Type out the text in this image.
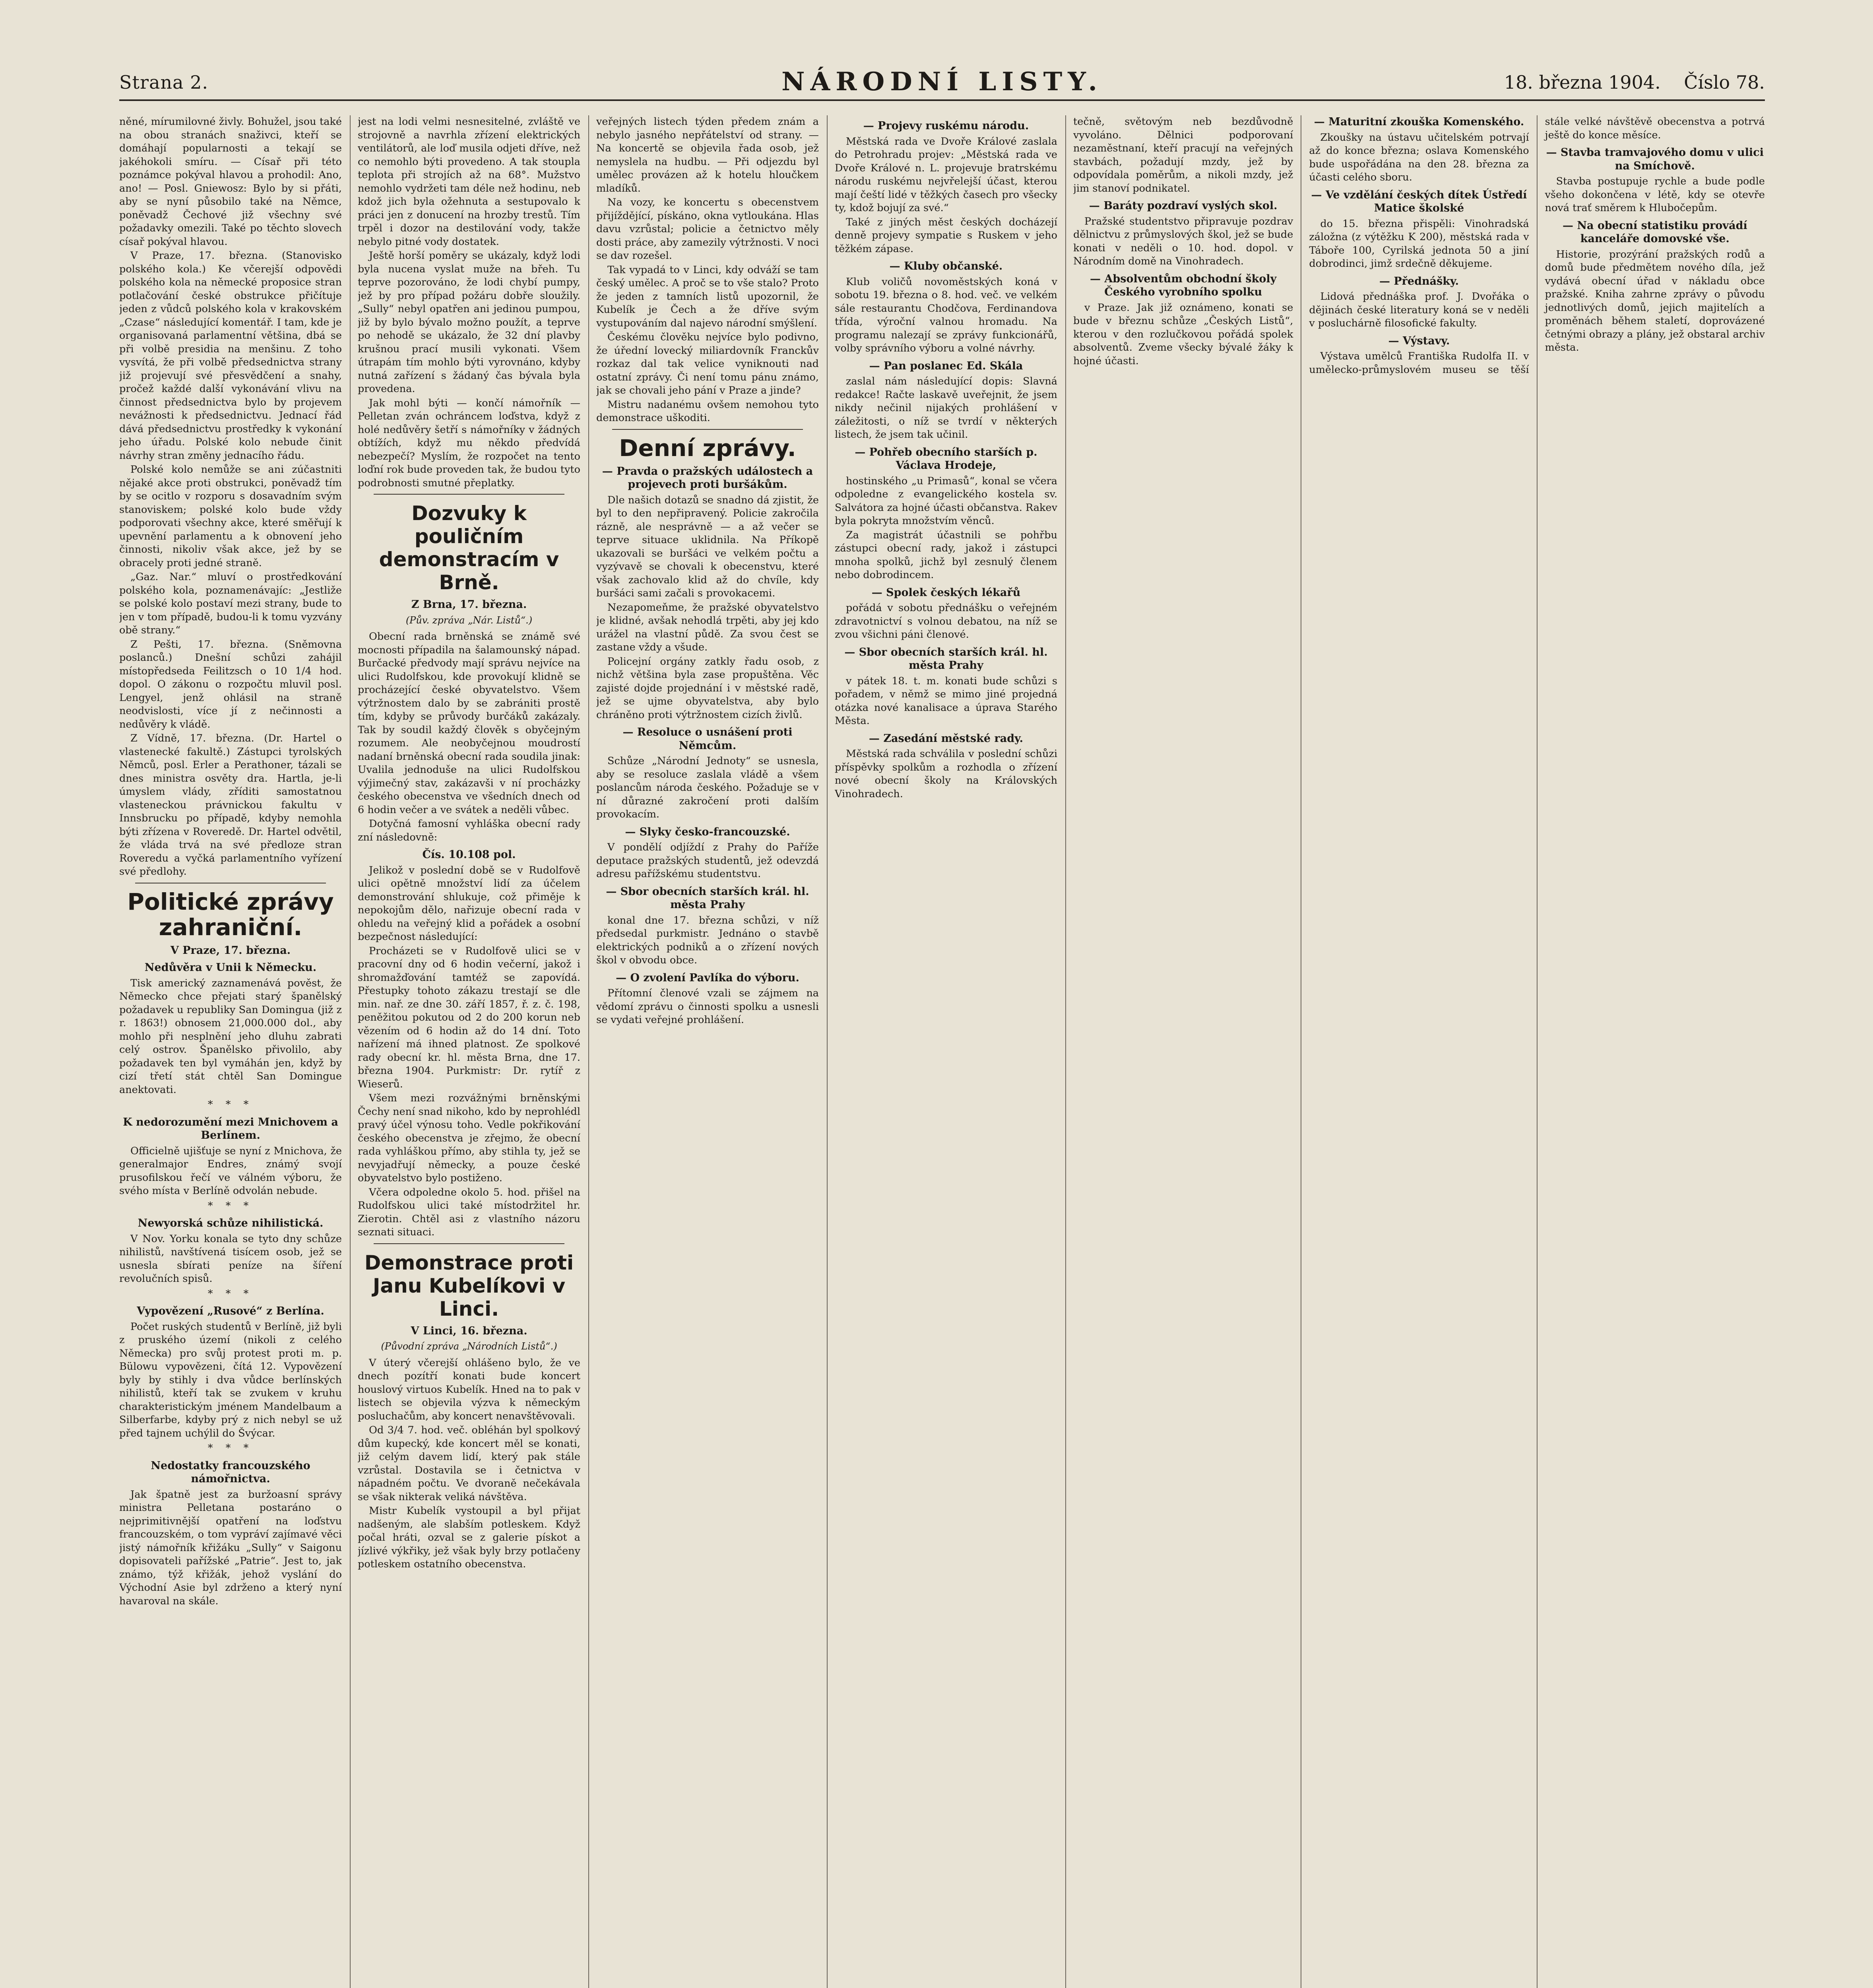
Strana 2.	NÁRODNÍ LISTY.	18. března 1904. Číslo 78.

něné, mírumilovné živly. Bohužel, jsou také na obou stranách snaživci, kteří se domáhají popularnosti a tekají se jakéhokoli smíru. — Císař při této poznámce pokýval hlavou a prohodil: Ano, ano! — Posl. Gniewosz: Bylo by si přáti, aby se nyní působilo také na Němce, poněvadž Čechové již všechny své požadavky omezili. Také po těchto slovech císař pokýval hlavou.

V Praze, 17. března. (Stanovisko polského kola.) Ke včerejší odpovědi polského kola na německé proposice stran potlačování české obstrukce přičítuje jeden z vůdců polského kola v krakovském „Czase“ následující komentář. I tam, kde je organisovaná parlamentní většina, dbá se při volbě presidia na menšinu. Z toho vysvítá, že při volbě předsednictva strany již projevují své přesvědčení a snahy, pročež každé další vykonávání vlivu na činnost předsednictva bylo by projevem nevážnosti k předsednictvu. Jednací řád dává předsednictvu prostředky k vykonání jeho úřadu. Polské kolo nebude činit návrhy stran změny jednacího řádu.

Polské kolo nemůže se ani zúčastniti nějaké akce proti obstrukci, poněvadž tím by se ocitlo v rozporu s dosavadním svým stanoviskem; polské kolo bude vždy podporovati všechny akce, které směřují k upevnění parlamentu a k obnovení jeho činnosti, nikoliv však akce, jež by se obracely proti jedné straně.

„Gaz. Nar.“ mluví o prostředkování polského kola, poznamenávajíc: „Jestliže se polské kolo postaví mezi strany, bude to jen v tom případě, budou-li k tomu vyzvány obě strany.“

Z Pešti, 17. března. (Sněmovna poslanců.) Dnešní schůzi zahájil místopředseda Feilitzsch o 10 1/4 hod. dopol. O zákonu o rozpočtu mluvil posl. Lengyel, jenž ohlásil na straně neodvislosti, více jí z nečinnosti a nedůvěry k vládě.

Z Vídně, 17. března. (Dr. Hartel o vlastenecké fakultě.) Zástupci tyrolských Němců, posl. Erler a Perathoner, tázali se dnes ministra osvěty dra. Hartla, je-li úmyslem vlády, zříditi samostatnou vlasteneckou právnickou fakultu v Innsbrucku po případě, kdyby nemohla býti zřízena v Roveredě. Dr. Hartel odvětil, že vláda trvá na své předloze stran Roveredu a vyčká parlamentního vyřízení své předlohy.

Politické zprávy zahraniční.
V Praze, 17. března.
Nedůvěra v Unii k Německu.

Tisk americký zaznamenává pověst, že Německo chce přejati starý španělský požadavek u republiky San Domingua (již z r. 1863!) obnosem 21,000.000 dol., aby mohlo při nesplnění jeho dluhu zabrati celý ostrov. Španělsko přivolilo, aby požadavek ten byl vymáhán jen, když by cizí třetí stát chtěl San Domingue anektovati.

* * *
K nedorozumění mezi Mnichovem a Berlínem.

Officielně ujišťuje se nyní z Mnichova, že generalmajor Endres, známý svojí prusofilskou řečí ve válném výboru, že svého místa v Berlíně odvolán nebude.

* * *
Newyorská schůze nihilistická.

V Nov. Yorku konala se tyto dny schůze nihilistů, navštívená tisícem osob, jež se usnesla sbírati peníze na šíření revolučních spisů.

* * *
Vypovězení „Rusové“ z Berlína.

Počet ruských studentů v Berlíně, již byli z pruského území (nikoli z celého Německa) pro svůj protest proti m. p. Bülowu vypovězeni, čítá 12. Vypovězení byly by stihly i dva vůdce berlínských nihilistů, kteří tak se zvukem v kruhu charakteristickým jménem Mandelbaum a Silberfarbe, kdyby prý z nich nebyl se už před tajnem uchýlil do Švýcar.

* * *
Nedostatky francouzského námořnictva.

Jak špatně jest za buržoasní správy ministra Pelletana postaráno o nejprimitivnější opatření na loďstvu francouzském, o tom vypráví zajímavé věci jistý námořník křižáku „Sully“ v Saigonu dopisovateli pařížské „Patrie“. Jest to, jak známo, týž křižák, jehož vyslání do Východní Asie byl zdrženo a který nyní havaroval na skále.

jest na lodi velmi nesnesitelné, zvláště ve strojovně a navrhla zřízení elektrických ventilátorů, ale loď musila odjeti dříve, než co nemohlo býti provedeno. A tak stoupla teplota při strojích až na 68°. Mužstvo nemohlo vydržeti tam déle než hodinu, neb kdož jich byla ožehnuta a sestupovalo k práci jen z donucení na hrozby trestů. Tím trpěl i dozor na destilování vody, takže nebylo pitné vody dostatek.

Ještě horší poměry se ukázaly, když lodi byla nucena vyslat muže na břeh. Tu teprve pozorováno, že lodi chybí pumpy, jež by pro případ požáru dobře sloužily. „Sully“ nebyl opatřen ani jedinou pumpou, již by bylo bývalo možno použít, a teprve po nehodě se ukázalo, že 32 dní plavby krušnou prací musili vykonati. Všem útrapám tím mohlo býti vyrovnáno, kdyby nutná zařízení s žádaný čas bývala byla provedena.

Jak mohl býti — končí námořník — Pelletan zván ochráncem loďstva, když z holé nedůvěry šetří s námořníky v žádných obtížích, když mu někdo předvídá nebezpečí? Myslím, že rozpočet na tento loďní rok bude proveden tak, že budou tyto podrobnosti smutné přeplatky.

Dozvuky k pouličním demonstracím v Brně.
Z Brna, 17. března.
(Pův. zpráva „Nár. Listů“.)

Obecní rada brněnská se známě své mocnosti případila na šalamounský nápad. Burčacké předvody mají správu nejvíce na ulici Rudolfskou, kde provokují klidně se procházející české obyvatelstvo. Všem výtržnostem dalo by se zabrániti prostě tím, kdyby se průvody burčáků zakázaly. Tak by soudil každý člověk s obyčejným rozumem. Ale neobyčejnou moudrostí nadaní brněnská obecní rada soudila jinak: Uvalila jednoduše na ulici Rudolfskou výjimečný stav, zakázavši v ní procházky českého obecenstva ve všedních dnech od 6 hodin večer a ve svátek a neděli vůbec.

Dotyčná famosní vyhláška obecní rady zní následovně:

Čís. 10.108 pol.

Jelikož v poslední době se v Rudolfově ulici opětně množství lidí za účelem demonstrování shlukuje, což přiměje k nepokojům dělo, nařizuje obecní rada v ohledu na veřejný klid a pořádek a osobní bezpečnost následující:

Procházeti se v Rudolfově ulici se v pracovní dny od 6 hodin večerní, jakož i shromažďování tamtéž se zapovídá. Přestupky tohoto zákazu trestají se dle min. nař. ze dne 30. září 1857, ř. z. č. 198, peněžitou pokutou od 2 do 200 korun neb vězením od 6 hodin až do 14 dní. Toto nařízení má ihned platnost. Ze spolkové rady obecní kr. hl. města Brna, dne 17. března 1904. Purkmistr: Dr. rytíř z Wieserů.

Všem mezi rozvážnými brněnskými Čechy není snad nikoho, kdo by neprohlédl pravý účel výnosu toho. Vedle pokřikování českého obecenstva je zřejmo, že obecní rada vyhláškou přímo, aby stihla ty, jež se nevyjadřují německy, a pouze české obyvatelstvo bylo postiženo.

Včera odpoledne okolo 5. hod. přišel na Rudolfskou ulici také místodržitel hr. Zierotin. Chtěl asi z vlastního názoru seznati situaci.

Demonstrace proti Janu Kubelíkovi v Linci.
V Linci, 16. března.
(Původní zpráva „Národních Listů“.)

V úterý včerejší ohlášeno bylo, že ve dnech pozítří konati bude koncert houslový virtuos Kubelík. Hned na to pak v listech se objevila výzva k německým posluchačům, aby koncert nenavštěvovali.

Od 3/4 7. hod. več. obléhán byl spolkový dům kupecký, kde koncert měl se konati, již celým davem lidí, který pak stále vzrůstal. Dostavila se i četnictva v nápadném počtu. Ve dvoraně nečekávala se však nikterak veliká návštěva.

Mistr Kubelík vystoupil a byl přijat nadšeným, ale slabším potleskem. Když počal hráti, ozval se z galerie pískot a jízlivé výkřiky, jež však byly brzy potlačeny potleskem ostatního obecenstva.

veřejných listech týden předem znám a nebylo jasného nepřátelství od strany. — Na koncertě se objevila řada osob, jež nemyslela na hudbu. — Při odjezdu byl umělec provázen až k hotelu hloučkem mladíků.

Na vozy, ke koncertu s obecenstvem přijíždějící, pískáno, okna vytloukána. Hlas davu vzrůstal; policie a četnictvo měly dosti práce, aby zamezily výtržnosti. V noci se dav rozešel.

Tak vypadá to v Linci, kdy odváží se tam český umělec. A proč se to vše stalo? Proto že jeden z tamních listů upozornil, že Kubelík je Čech a že dříve svým vystupováním dal najevo národní smýšlení.

Českému člověku nejvíce bylo podivno, že úřední lovecký miliardovník Franckův rozkaz dal tak velice vyniknouti nad ostatní zprávy. Či není tomu pánu známo, jak se chovali jeho pání v Praze a jinde?

Mistru nadanému ovšem nemohou tyto demonstrace uškoditi.

Denní zprávy.
— Pravda o pražských událostech a projevech proti buršákům.

Dle našich dotazů se snadno dá zjistit, že byl to den nepřipravený. Policie zakročila rázně, ale nesprávně — a až večer se teprve situace uklidnila. Na Příkopě ukazovali se buršáci ve velkém počtu a vyzývavě se chovali k obecenstvu, které však zachovalo klid až do chvíle, kdy buršáci sami začali s provokacemi.

Nezapomeňme, že pražské obyvatelstvo je klidné, avšak nehodlá trpěti, aby jej kdo urážel na vlastní půdě. Za svou čest se zastane vždy a všude.

Policejní orgány zatkly řadu osob, z nichž většina byla zase propuštěna. Věc zajisté dojde projednání i v městské radě, jež se ujme obyvatelstva, aby bylo chráněno proti výtržnostem cizích živlů.

— Resoluce o usnášení proti Němcům.

Schůze „Národní Jednoty“ se usnesla, aby se resoluce zaslala vládě a všem poslancům národa českého. Požaduje se v ní důrazné zakročení proti dalším provokacím.

— Slyky česko-francouzské.

V pondělí odjíždí z Prahy do Paříže deputace pražských studentů, jež odevzdá adresu pařížskému studentstvu.

— Sbor obecních starších král. hl. města Prahy

konal dne 17. března schůzi, v níž předsedal purkmistr. Jednáno o stavbě elektrických podniků a o zřízení nových škol v obvodu obce.

— O zvolení Pavlíka do výboru.

Přítomní členové vzali se zájmem na vědomí zprávu o činnosti spolku a usnesli se vydati veřejné prohlášení.

— Projevy ruskému národu.

Městská rada ve Dvoře Králové zaslala do Petrohradu projev: „Městská rada ve Dvoře Králové n. L. projevuje bratrskému národu ruskému nejvřelejší účast, kterou mají čeští lidé v těžkých časech pro všecky ty, kdož bojují za své.“

Také z jiných měst českých docházejí denně projevy sympatie s Ruskem v jeho těžkém zápase.

— Kluby občanské.

Klub voličů novoměstských koná v sobotu 19. března o 8. hod. več. ve velkém sále restaurantu Chodčova, Ferdinandova třída, výroční valnou hromadu. Na programu nalezají se zprávy funkcionářů, volby správního výboru a volné návrhy.

— Pan poslanec Ed. Skála

zaslal nám následující dopis: Slavná redakce! Račte laskavě uveřejnit, že jsem nikdy nečinil nijakých prohlášení v záležitosti, o níž se tvrdí v některých listech, že jsem tak učinil.

— Pohřeb obecního starších p. Václava Hrodeje,

hostinského „u Primasů“, konal se včera odpoledne z evangelického kostela sv. Salvátora za hojné účasti občanstva. Rakev byla pokryta množstvím věnců.

Za magistrát účastnili se pohřbu zástupci obecní rady, jakož i zástupci mnoha spolků, jichž byl zesnulý členem nebo dobrodincem.

— Spolek českých lékařů

pořádá v sobotu přednášku o veřejném zdravotnictví s volnou debatou, na níž se zvou všichni páni členové.

— Sbor obecních starších král. hl. města Prahy

v pátek 18. t. m. konati bude schůzi s pořadem, v němž se mimo jiné projedná otázka nové kanalisace a úprava Starého Města.

— Zasedání městské rady.

Městská rada schválila v poslední schůzi příspěvky spolkům a rozhodla o zřízení nové obecní školy na Královských Vinohradech.

tečně, světovým neb bezdůvodně vyvoláno. Dělnici podporovaní nezaměstnaní, kteří pracují na veřejných stavbách, požadují mzdy, jež by odpovídala poměrům, a nikoli mzdy, jež jim stanoví podnikatel.

— Baráty pozdraví vyslých skol.

Pražské studentstvo připravuje pozdrav dělnictvu z průmyslových škol, jež se bude konati v neděli o 10. hod. dopol. v Národním domě na Vinohradech.

— Absolventům obchodní školy Českého vyrobního spolku

v Praze. Jak již oznámeno, konati se bude v březnu schůze „Českých Listů“, kterou v den rozlučkovou pořádá spolek absolventů. Zveme všecky bývalé žáky k hojné účasti.

— Maturitní zkouška Komenského.

Zkoušky na ústavu učitelském potrvají až do konce března; oslava Komenského bude uspořádána na den 28. března za účasti celého sboru.

— Ve vzdělání českých dítek Ústředí Matice školské

do 15. března přispěli: Vinohradská záložna (z výtěžku K 200), městská rada v Táboře 100, Cyrilská jednota 50 a jiní dobrodinci, jimž srdečně děkujeme.

— Přednášky.

Lidová přednáška prof. J. Dvořáka o dějinách české literatury koná se v neděli v posluchárně filosofické fakulty.

— Výstavy.

Výstava umělců Františka Rudolfa II. v umělecko-průmyslovém museu se těší stále velké návštěvě obecenstva a potrvá ještě do konce měsíce.

— Stavba tramvajového domu v ulici na Smíchově.

Stavba postupuje rychle a bude podle všeho dokončena v létě, kdy se otevře nová trať směrem k Hlubočepům.

— Na obecní statistiku provádí kanceláře domovské vše.

Historie, prozýrání pražských rodů a domů bude předmětem nového díla, jež vydává obecní úřad v nákladu obce pražské. Kniha zahrne zprávy o původu jednotlivých domů, jejich majitelích a proměnách během staletí, doprovázené četnými obrazy a plány, jež obstaral archiv města.
